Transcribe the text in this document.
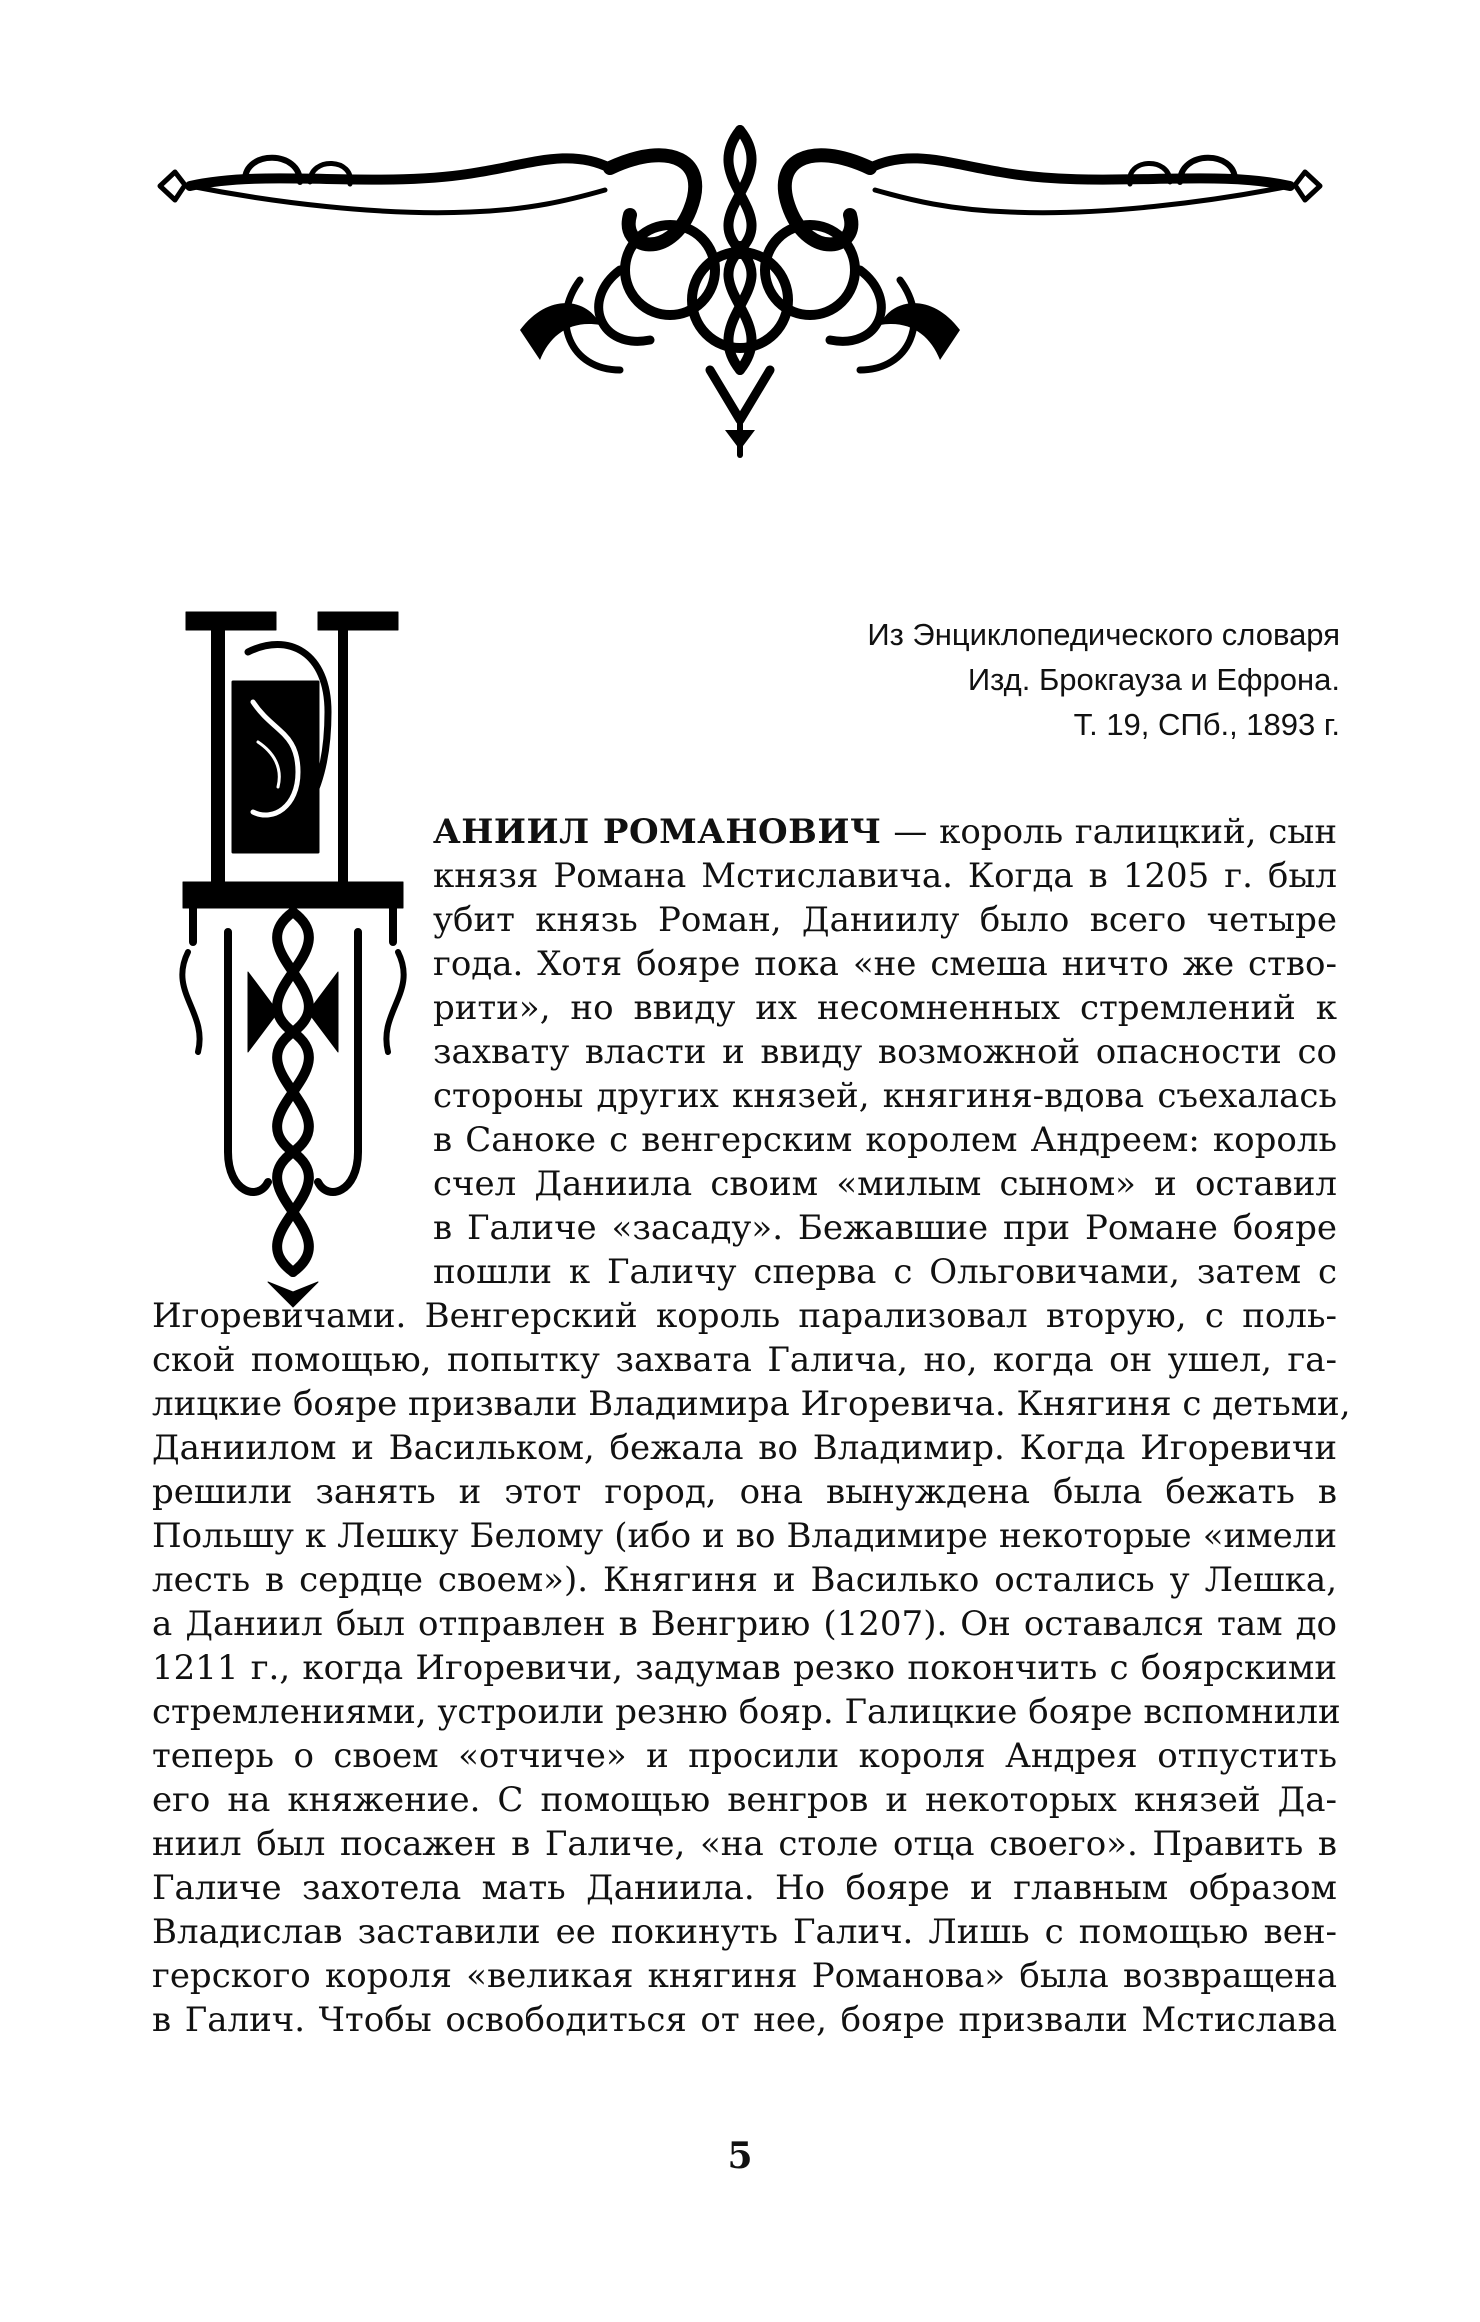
Из Энциклопедического словаря
Изд. Брокгауза и Ефрона.
Т. 19, СПб., 1893 г.
АНИИЛ РОМАНОВИЧ — король галицкий, сын
князя Романа Мстиславича. Когда в 1205 г. был
убит князь Роман, Даниилу было всего четыре
года. Хотя бояре пока «не смеша ничто же ство-
рити», но ввиду их несомненных стремлений к
захвату власти и ввиду возможной опасности со
стороны других князей, княгиня-вдова съехалась
в Саноке с венгерским королем Андреем: король
счел Даниила своим «милым сыном» и оставил
в Галиче «засаду». Бежавшие при Романе бояре
пошли к Галичу сперва с Ольговичами, затем с
Игоревичами. Венгерский король парализовал вторую, с поль-
ской помощью, попытку захвата Галича, но, когда он ушел, га-
лицкие бояре призвали Владимира Игоревича. Княгиня с детьми,
Даниилом и Васильком, бежала во Владимир. Когда Игоревичи
решили занять и этот город, она вынуждена была бежать в
Польшу к Лешку Белому (ибо и во Владимире некоторые «имели
лесть в сердце своем»). Княгиня и Василько остались у Лешка,
а Даниил был отправлен в Венгрию (1207). Он оставался там до
1211 г., когда Игоревичи, задумав резко покончить с боярскими
стремлениями, устроили резню бояр. Галицкие бояре вспомнили
теперь о своем «отчиче» и просили короля Андрея отпустить
его на княжение. С помощью венгров и некоторых князей Да-
ниил был посажен в Галиче, «на столе отца своего». Править в
Галиче захотела мать Даниила. Но бояре и главным образом
Владислав заставили ее покинуть Галич. Лишь с помощью вен-
герского короля «великая княгиня Романова» была возвращена
в Галич. Чтобы освободиться от нее, бояре призвали Мстислава
5
